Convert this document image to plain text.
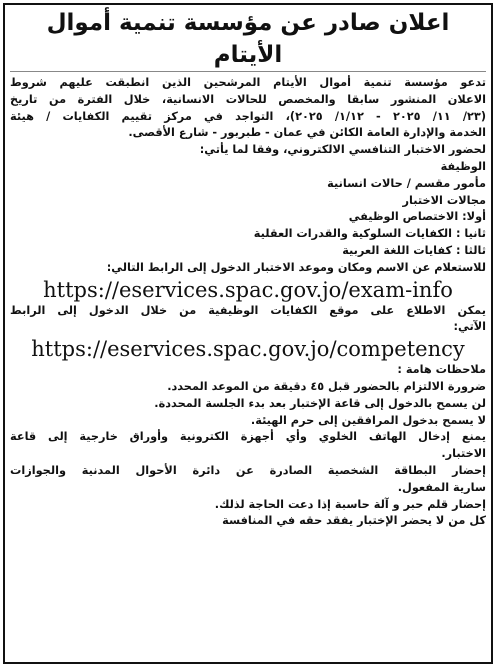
اعلان صادر عن مؤسسة تنمية أموال الأيتام
تدعو مؤسسة تنمية أموال الأيتام المرشحين الذين انطبقت عليهم شروط
الاعلان المنشور سابقا والمخصص للحالات الانسانية، خلال الفترة من تاريخ
(٢٣/ ١١/ ٢٠٢٥ - ١/١٢/ ٢٠٢٥)، التواجد في مركز تقييم الكفايات / هيئة
الخدمة والإدارة العامة الكائن في عمان - طبربور - شارع الأقصى.
لحضور الاختبار التنافسي الالكتروني، وفقا لما يأتي:
الوظيفة
مأمور مقسم / حالات انسانية
مجالات الاختبار
أولا: الاختصاص الوظيفي
ثانيا : الكفايات السلوكية والقدرات العقلية
ثالثا : كفايات اللغة العربية
للاستعلام عن الاسم ومكان وموعد الاختبار الدخول إلى الرابط التالي:
https://eservices.spac.gov.jo/exam-info
يمكن الاطلاع على موقع الكفايات الوظيفية من خلال الدخول إلى الرابط
الآتي:
https://eservices.spac.gov.jo/competency
ملاحظات هامة :
ضرورة الالتزام بالحضور قبل ٤٥ دقيقة من الموعد المحدد.
لن يسمح بالدخول إلى قاعة الإختبار بعد بدء الجلسة المحددة.
لا يسمح بدخول المرافقين إلى حرم الهيئة.
يمنع إدخال الهاتف الخلوي وأي أجهزة الكترونية وأوراق خارجية إلى قاعة
الاختبار.
إحضار البطاقة الشخصية الصادرة عن دائرة الأحوال المدنية والجوازات
سارية المفعول.
إحضار قلم حبر و آلة حاسبة إذا دعت الحاجة لذلك.
كل من لا يحضر الإختبار يفقد حقه في المنافسة
